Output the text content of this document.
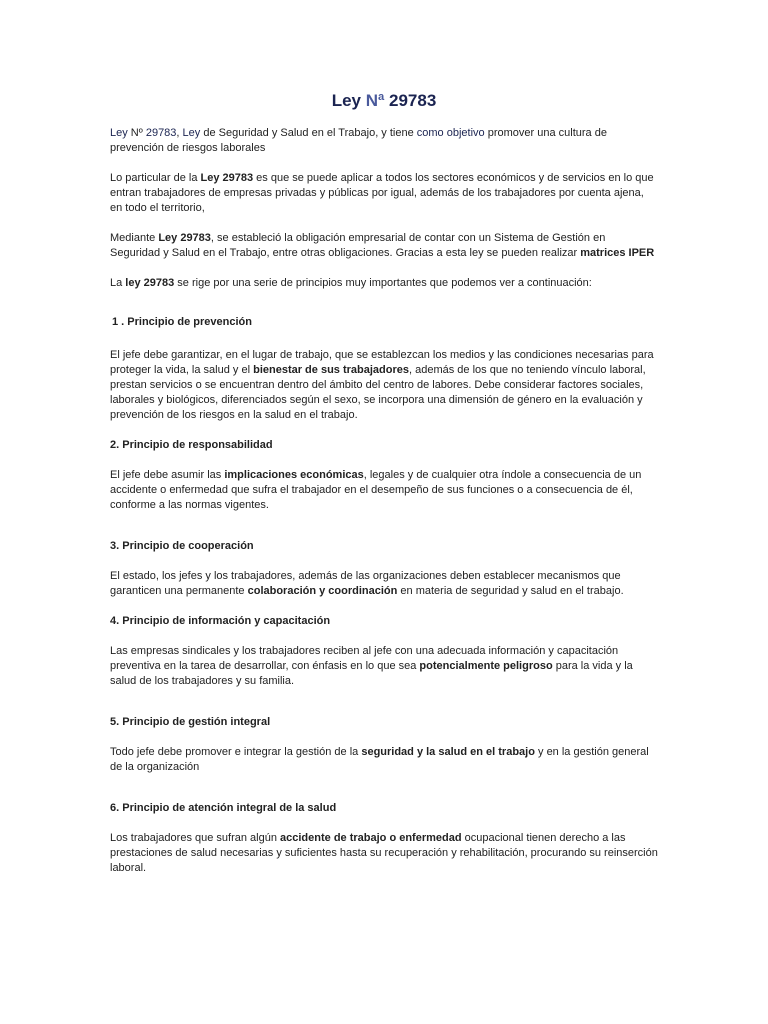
Ley Nª 29783

Ley Nº 29783, Ley de Seguridad y Salud en el Trabajo, y tiene como objetivo promover una cultura de prevención de riesgos laborales

Lo particular de la Ley 29783 es que se puede aplicar a todos los sectores económicos y de servicios en lo que entran trabajadores de empresas privadas y públicas por igual, además de los trabajadores por cuenta ajena, en todo el territorio,

Mediante Ley 29783, se estableció la obligación empresarial de contar con un Sistema de Gestión en Seguridad y Salud en el Trabajo, entre otras obligaciones. Gracias a esta ley se pueden realizar matrices IPER

La ley 29783 se rige por una serie de principios muy importantes que podemos ver a continuación:

1 . Principio de prevención

El jefe debe garantizar, en el lugar de trabajo, que se establezcan los medios y las condiciones necesarias para proteger la vida, la salud y el bienestar de sus trabajadores, además de los que no teniendo vínculo laboral, prestan servicios o se encuentran dentro del ámbito del centro de labores. Debe considerar factores sociales, laborales y biológicos, diferenciados según el sexo, se incorpora una dimensión de género en la evaluación y prevención de los riesgos en la salud en el trabajo.

2. Principio de responsabilidad

El jefe debe asumir las implicaciones económicas, legales y de cualquier otra índole a consecuencia de un accidente o enfermedad que sufra el trabajador en el desempeño de sus funciones o a consecuencia de él, conforme a las normas vigentes.

3. Principio de cooperación

El estado, los jefes y los trabajadores, además de las organizaciones deben establecer mecanismos que garanticen una permanente colaboración y coordinación en materia de seguridad y salud en el trabajo.

4. Principio de información y capacitación

Las empresas sindicales y los trabajadores reciben al jefe con una adecuada información y capacitación preventiva en la tarea de desarrollar, con énfasis en lo que sea potencialmente peligroso para la vida y la salud de los trabajadores y su familia.

5. Principio de gestión integral

Todo jefe debe promover e integrar la gestión de la seguridad y la salud en el trabajo y en la gestión general de la organización

6. Principio de atención integral de la salud

Los trabajadores que sufran algún accidente de trabajo o enfermedad ocupacional tienen derecho a las prestaciones de salud necesarias y suficientes hasta su recuperación y rehabilitación, procurando su reinserción laboral.
